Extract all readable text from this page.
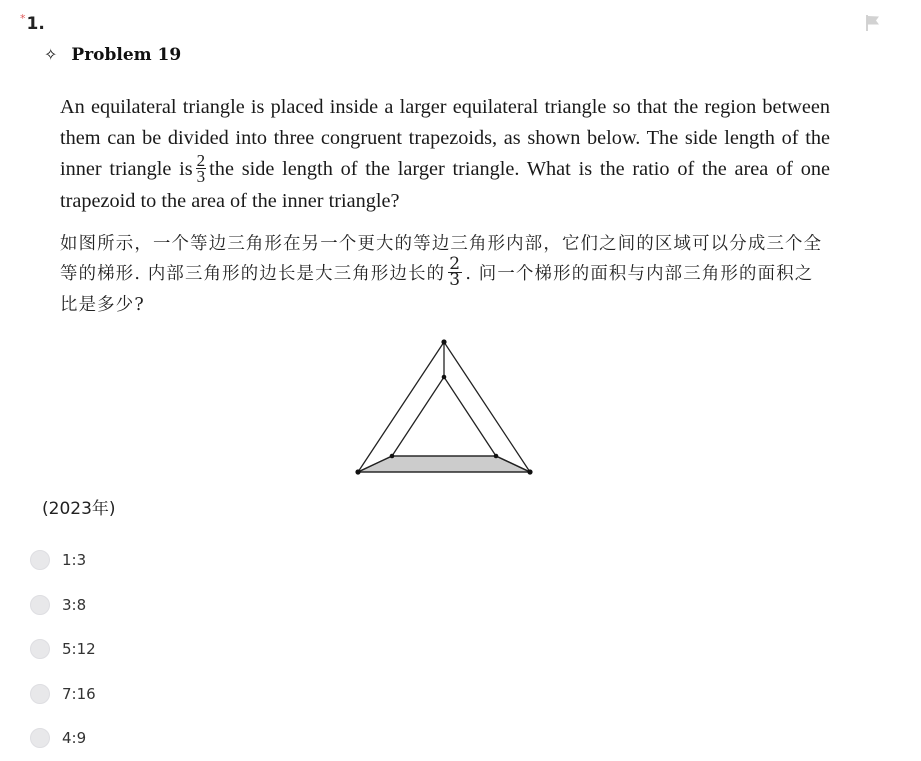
*1.
✧ Problem 19

An equilateral triangle is placed inside a larger equilateral triangle so that the region between them can be divided into three congruent trapezoids, as shown below. The side length of the inner triangle is $\frac{2}{3}$ the side length of the larger triangle. What is the ratio of the area of one trapezoid to the area of the inner triangle?

如图所示，一个等边三角形在另一个更大的等边三角形内部，它们之间的区域可以分成三个全等的梯形. 内部三角形的边长是大三角形边长的 $\frac{2}{3}$ . 问一个梯形的面积与内部三角形的面积之比是多少?

(2023年)
1:3
3:8
5:12
7:16
4:9
